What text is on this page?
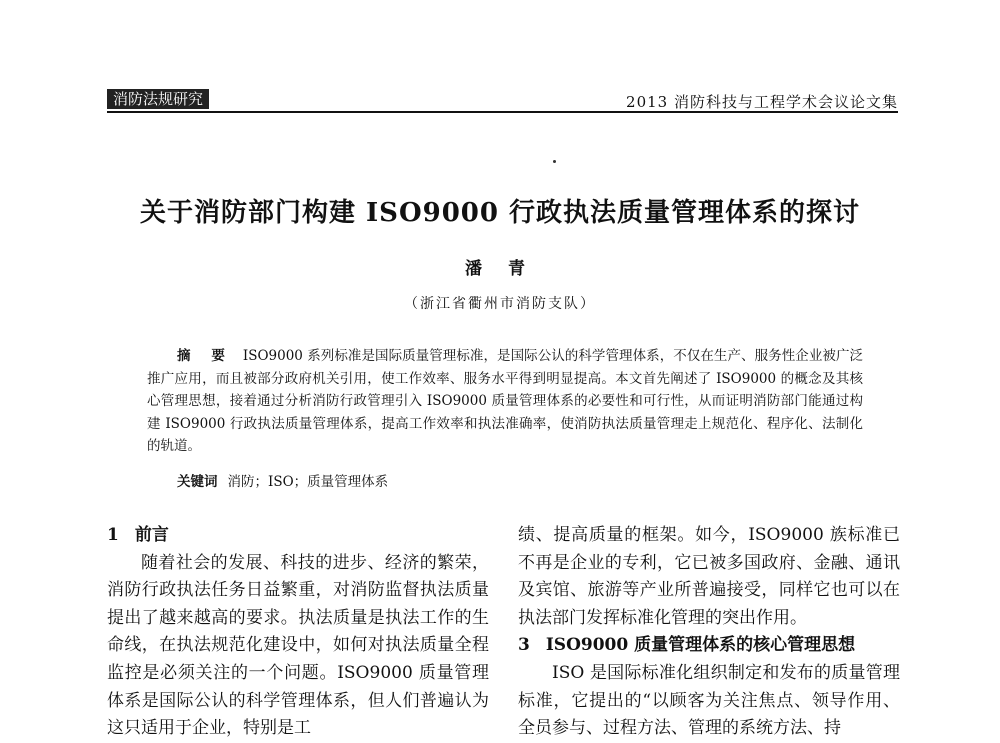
消防法规研究	2013 消防科技与工程学术会议论文集
关于消防部门构建 ISO9000 行政执法质量管理体系的探讨
潘 青
（浙江省衢州市消防支队）
摘 要 ISO9000 系列标准是国际质量管理标准，是国际公认的科学管理体系，不仅在生产、服务性企业被广泛推广应用，而且被部分政府机关引用，使工作效率、服务水平得到明显提高。本文首先阐述了 ISO9000 的概念及其核心管理思想，接着通过分析消防行政管理引入 ISO9000 质量管理体系的必要性和可行性，从而证明消防部门能通过构建 ISO9000 行政执法质量管理体系，提高工作效率和执法准确率，使消防执法质量管理走上规范化、程序化、法制化的轨道。
关键词 消防；ISO；质量管理体系
1 前言

随着社会的发展、科技的进步、经济的繁荣，消防行政执法任务日益繁重，对消防监督执法质量提出了越来越高的要求。执法质量是执法工作的生命线，在执法规范化建设中，如何对执法质量全程监控是必须关注的一个问题。ISO9000 质量管理体系是国际公认的科学管理体系，但人们普遍认为这只适用于企业，特别是工

绩、提高质量的框架。如今，ISO9000 族标准已不再是企业的专利，它已被多国政府、金融、通讯及宾馆、旅游等产业所普遍接受，同样它也可以在执法部门发挥标准化管理的突出作用。

3 ISO9000 质量管理体系的核心管理思想

ISO 是国际标准化组织制定和发布的质量管理标准，它提出的“以顾客为关注焦点、领导作用、全员参与、过程方法、管理的系统方法、持
